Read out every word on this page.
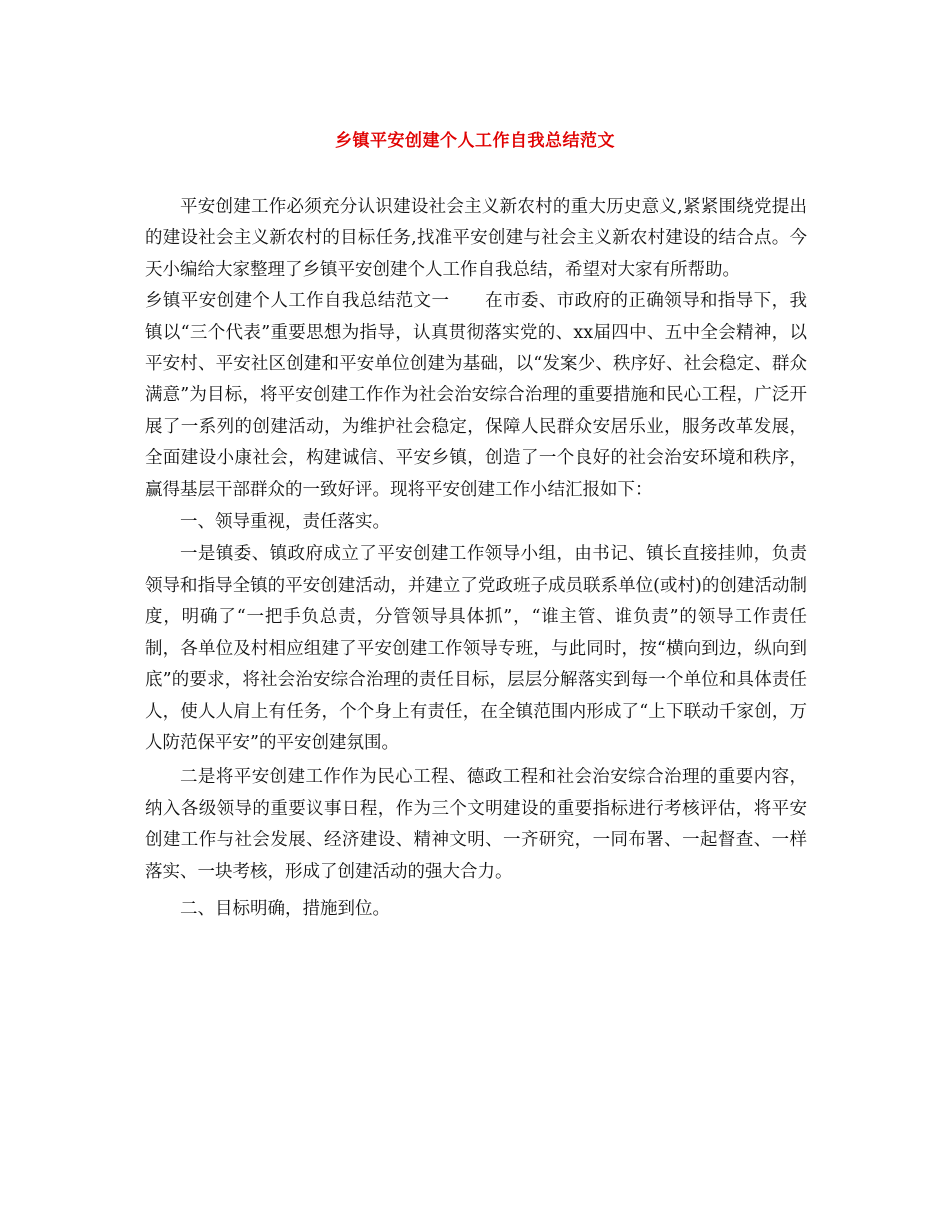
乡镇平安创建个人工作自我总结范文

平安创建工作必须充分认识建设社会主义新农村的重大历史意义,紧紧围绕党提出的建设社会主义新农村的目标任务,找准平安创建与社会主义新农村建设的结合点。今天小编给大家整理了乡镇平安创建个人工作自我总结，希望对大家有所帮助。

乡镇平安创建个人工作自我总结范文一　　在市委、市政府的正确领导和指导下，我镇以“三个代表”重要思想为指导，认真贯彻落实党的、xx届四中、五中全会精神，以平安村、平安社区创建和平安单位创建为基础，以“发案少、秩序好、社会稳定、群众满意”为目标，将平安创建工作作为社会治安综合治理的重要措施和民心工程，广泛开展了一系列的创建活动，为维护社会稳定，保障人民群众安居乐业，服务改革发展，全面建设小康社会，构建诚信、平安乡镇，创造了一个良好的社会治安环境和秩序，赢得基层干部群众的一致好评。现将平安创建工作小结汇报如下：

一、领导重视，责任落实。

一是镇委、镇政府成立了平安创建工作领导小组，由书记、镇长直接挂帅，负责领导和指导全镇的平安创建活动，并建立了党政班子成员联系单位(或村)的创建活动制度，明确了“一把手负总责，分管领导具体抓”，“谁主管、谁负责”的领导工作责任制，各单位及村相应组建了平安创建工作领导专班，与此同时，按“横向到边，纵向到底”的要求，将社会治安综合治理的责任目标，层层分解落实到每一个单位和具体责任人，使人人肩上有任务，个个身上有责任，在全镇范围内形成了“上下联动千家创，万人防范保平安”的平安创建氛围。

二是将平安创建工作作为民心工程、德政工程和社会治安综合治理的重要内容，纳入各级领导的重要议事日程，作为三个文明建设的重要指标进行考核评估，将平安创建工作与社会发展、经济建设、精神文明、一齐研究，一同布署、一起督查、一样落实、一块考核，形成了创建活动的强大合力。

二、目标明确，措施到位。
